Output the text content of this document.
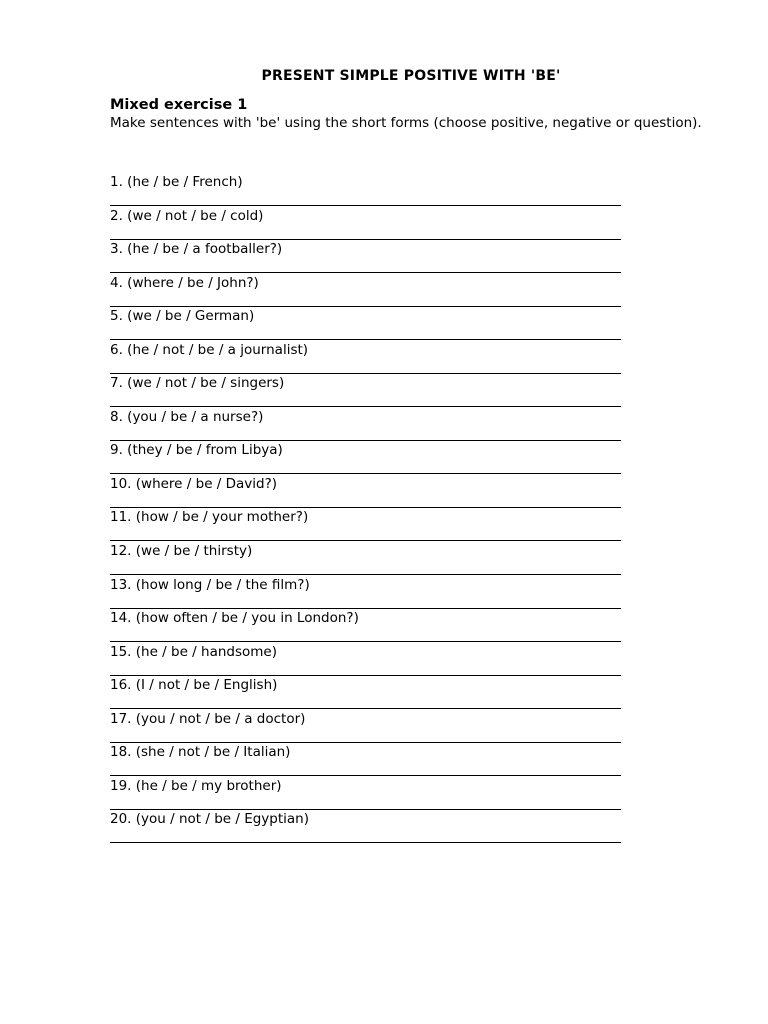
PRESENT SIMPLE POSITIVE WITH 'BE'
Mixed exercise 1
Make sentences with 'be' using the short forms (choose positive, negative or question).
1. (he / be / French)
2. (we / not / be / cold)
3. (he / be / a footballer?)
4. (where / be / John?)
5. (we / be / German)
6. (he / not / be / a journalist)
7. (we / not / be / singers)
8. (you / be / a nurse?)
9. (they / be / from Libya)
10. (where / be / David?)
11. (how / be / your mother?)
12. (we / be / thirsty)
13. (how long / be / the film?)
14. (how often / be / you in London?)
15. (he / be / handsome)
16. (I / not / be / English)
17. (you / not / be / a doctor)
18. (she / not / be / Italian)
19. (he / be / my brother)
20. (you / not / be / Egyptian)
